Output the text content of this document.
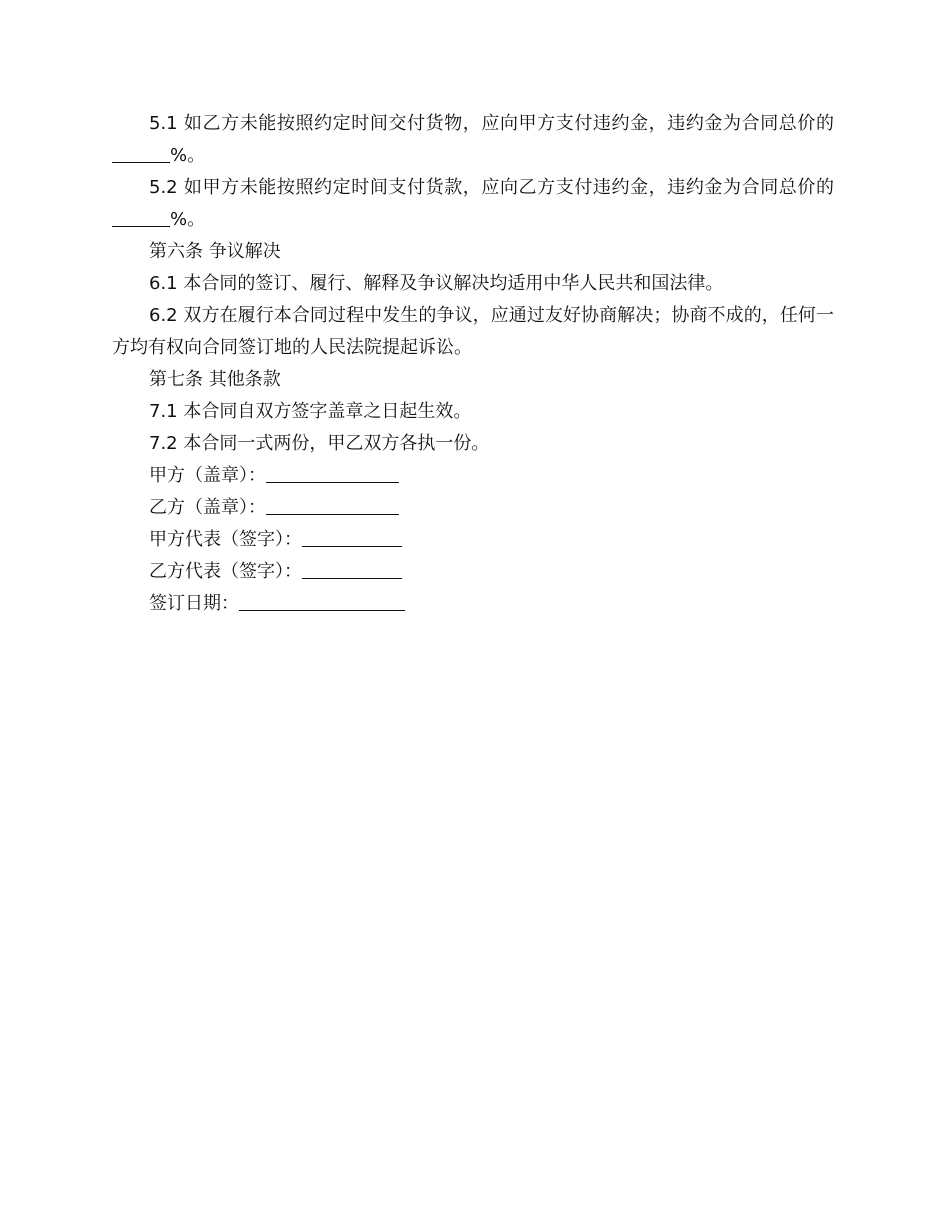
5.1 如乙方未能按照约定时间交付货物，应向甲方支付违约金，违约金为合同总价的%。

5.2 如甲方未能按照约定时间支付货款，应向乙方支付违约金，违约金为合同总价的%。

第六条 争议解决

6.1 本合同的签订、履行、解释及争议解决均适用中华人民共和国法律。

6.2 双方在履行本合同过程中发生的争议，应通过友好协商解决；协商不成的，任何一方均有权向合同签订地的人民法院提起诉讼。

第七条 其他条款

7.1 本合同自双方签字盖章之日起生效。

7.2 本合同一式两份，甲乙双方各执一份。

甲方（盖章）：

乙方（盖章）：

甲方代表（签字）：

乙方代表（签字）：

签订日期：
